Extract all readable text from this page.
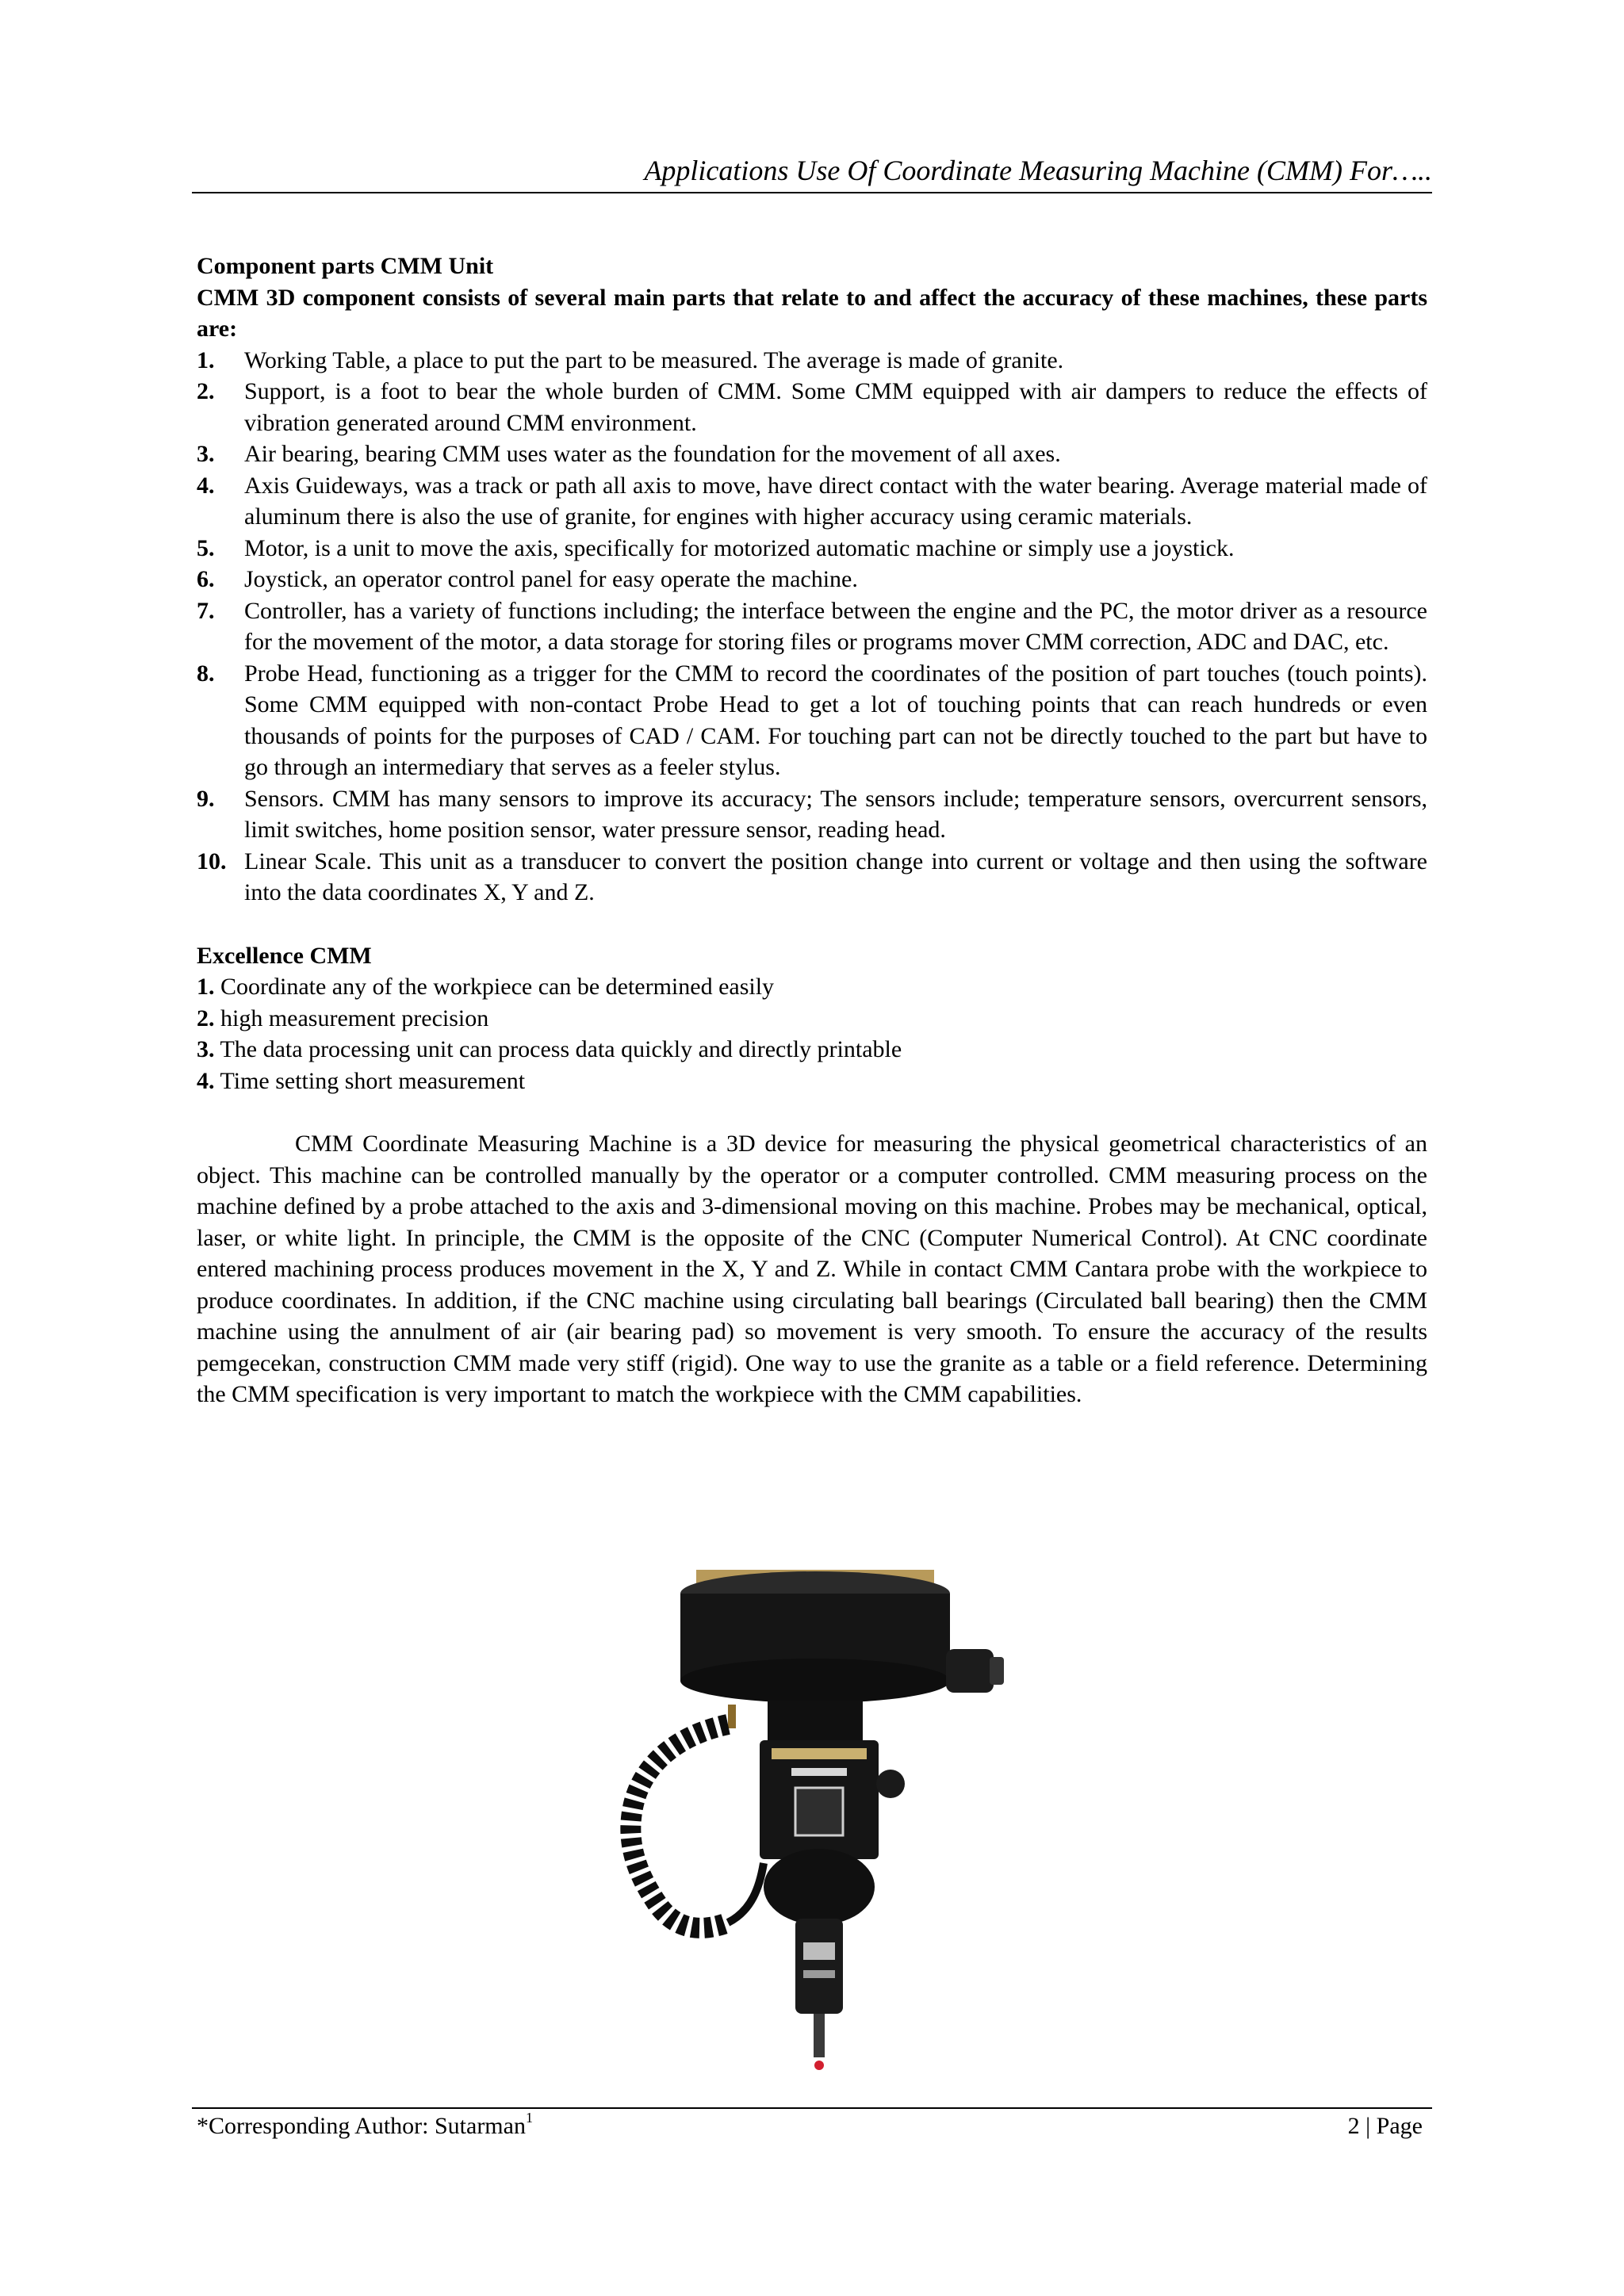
Applications Use Of Coordinate Measuring Machine (CMM) For…..
Component parts CMM Unit
CMM 3D component consists of several main parts that relate to and affect the accuracy of these machines, these parts are:
1.	Working Table, a place to put the part to be measured. The average is made of granite.
2.	Support, is a foot to bear the whole burden of CMM. Some CMM equipped with air dampers to reduce the effects of vibration generated around CMM environment.
3.	Air bearing, bearing CMM uses water as the foundation for the movement of all axes.
4.	Axis Guideways, was a track or path all axis to move, have direct contact with the water bearing. Average material made of aluminum there is also the use of granite, for engines with higher accuracy using ceramic materials.
5.	Motor, is a unit to move the axis, specifically for motorized automatic machine or simply use a joystick.
6.	Joystick, an operator control panel for easy operate the machine.
7.	Controller, has a variety of functions including; the interface between the engine and the PC, the motor driver as a resource for the movement of the motor, a data storage for storing files or programs mover CMM correction, ADC and DAC, etc.
8.	Probe Head, functioning as a trigger for the CMM to record the coordinates of the position of part touches (touch points). Some CMM equipped with non-contact Probe Head to get a lot of touching points that can reach hundreds or even thousands of points for the purposes of CAD / CAM. For touching part can not be directly touched to the part but have to go through an intermediary that serves as a feeler stylus.
9.	Sensors. CMM has many sensors to improve its accuracy; The sensors include; temperature sensors, overcurrent sensors, limit switches, home position sensor, water pressure sensor, reading head.
10. Linear Scale. This unit as a transducer to convert the position change into current or voltage and then using the software into the data coordinates X, Y and Z.
Excellence CMM
1. Coordinate any of the workpiece can be determined easily
2. high measurement precision
3. The data processing unit can process data quickly and directly printable
4. Time setting short measurement
CMM Coordinate Measuring Machine is a 3D device for measuring the physical geometrical characteristics of an object. This machine can be controlled manually by the operator or a computer controlled. CMM measuring process on the machine defined by a probe attached to the axis and 3-dimensional moving on this machine. Probes may be mechanical, optical, laser, or white light. In principle, the CMM is the opposite of the CNC (Computer Numerical Control). At CNC coordinate entered machining process produces movement in the X, Y and Z. While in contact CMM Cantara probe with the workpiece to produce coordinates. In addition, if the CNC machine using circulating ball bearings (Circulated ball bearing) then the CMM machine using the annulment of air (air bearing pad) so movement is very smooth. To ensure the accuracy of the results pemgecekan, construction CMM made very stiff (rigid). One way to use the granite as a table or a field reference. Determining the CMM specification is very important to match the workpiece with the CMM capabilities.
*Corresponding Author: Sutarman$^1$	2 | Page
